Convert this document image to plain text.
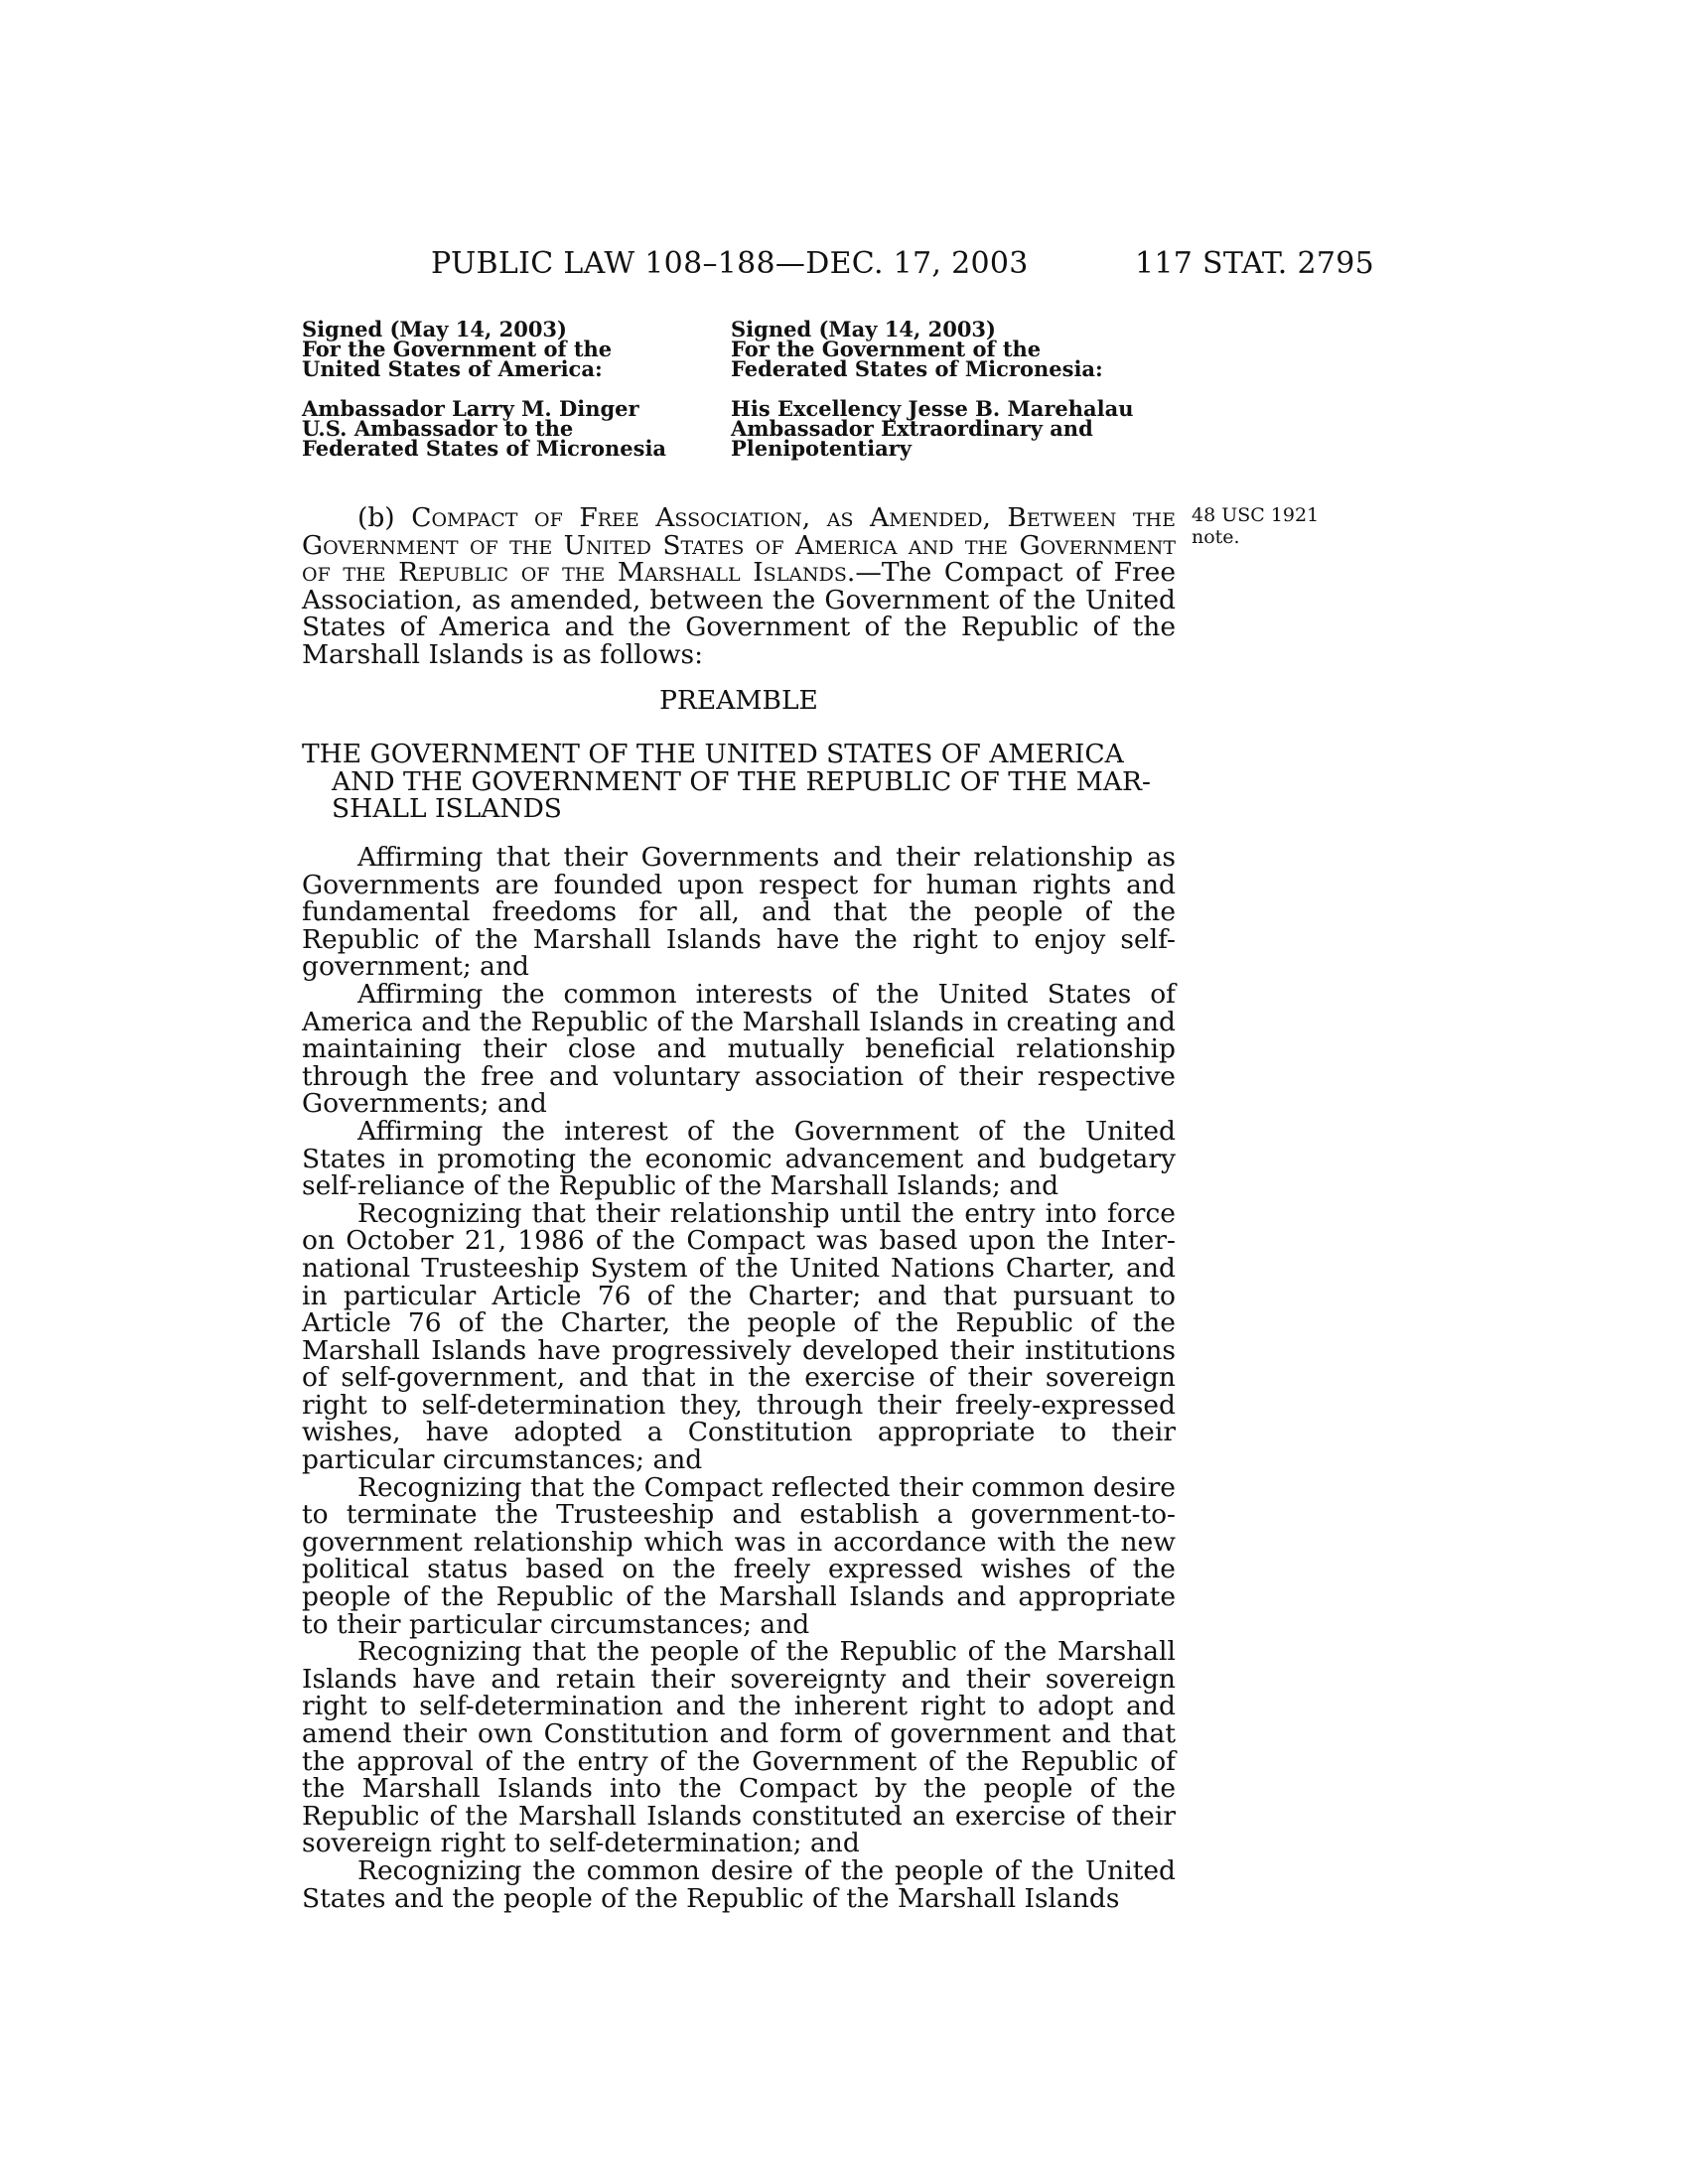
PUBLIC LAW 108–188—DEC. 17, 2003	117 STAT. 2795
Signed (May 14, 2003)
For the Government of the
United States of America:
Ambassador Larry M. Dinger
U.S. Ambassador to the
Federated States of Micronesia
Signed (May 14, 2003)
For the Government of the
Federated States of Micronesia:
His Excellency Jesse B. Marehalau
Ambassador Extraordinary and
Plenipotentiary
48 USC 1921
note.

(b) Compact of Free Association, as Amended, Between the Government of the United States of America and the Government of the Republic of the Marshall Islands.—The Compact of Free Association, as amended, between the Government of the United States of America and the Government of the Republic of the Marshall Islands is as follows:

PREAMBLE
THE GOVERNMENT OF THE UNITED STATES OF AMERICA
AND THE GOVERNMENT OF THE REPUBLIC OF THE MAR-
SHALL ISLANDS

Affirming that their Governments and their relationship as Governments are founded upon respect for human rights and fundamental freedoms for all, and that the people of the Republic of the Marshall Islands have the right to enjoy self-government; and

Affirming the common interests of the United States of America and the Republic of the Marshall Islands in creating and maintaining their close and mutually beneficial relationship through the free and voluntary association of their respective Governments; and

Affirming the interest of the Government of the United States in promoting the economic advancement and budgetary self-reliance of the Republic of the Marshall Islands; and

Recognizing that their relationship until the entry into force on October 21, 1986 of the Compact was based upon the International Trusteeship System of the United Nations Charter, and in particular Article 76 of the Charter; and that pursuant to Article 76 of the Charter, the people of the Republic of the Marshall Islands have progressively developed their institutions of self-government, and that in the exercise of their sovereign right to self-determination they, through their freely-expressed wishes, have adopted a Constitution appropriate to their particular circumstances; and

Recognizing that the Compact reflected their common desire to terminate the Trusteeship and establish a government-to-government relationship which was in accordance with the new political status based on the freely expressed wishes of the people of the Republic of the Marshall Islands and appropriate to their particular circumstances; and

Recognizing that the people of the Republic of the Marshall Islands have and retain their sovereignty and their sovereign right to self-determination and the inherent right to adopt and amend their own Constitution and form of government and that the approval of the entry of the Government of the Republic of the Marshall Islands into the Compact by the people of the Republic of the Marshall Islands constituted an exercise of their sovereign right to self-determination; and

Recognizing the common desire of the people of the United States and the people of the Republic of the Marshall Islands
